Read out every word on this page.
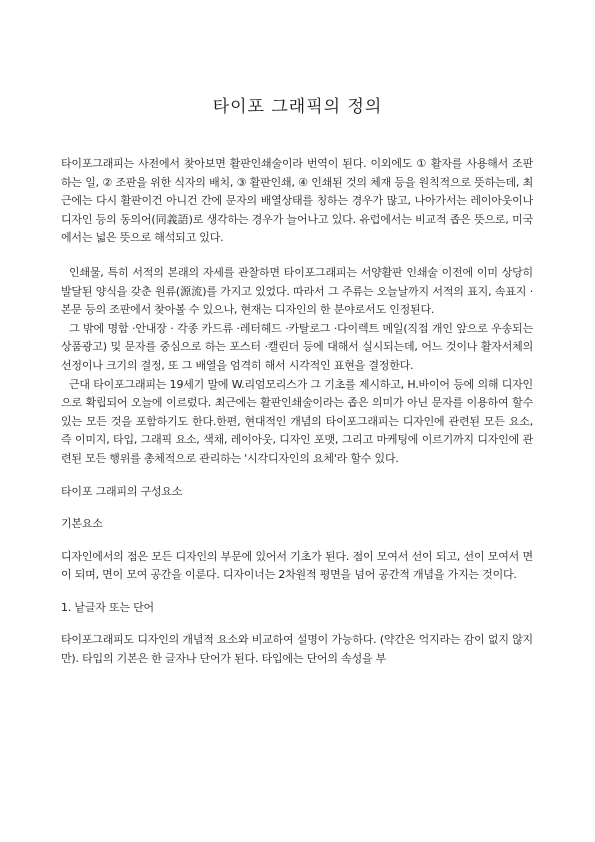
타이포 그래픽의 정의

타이포그래피는 사전에서 찾아보면 활판인쇄술이라 번역이 된다. 이외에도 ① 활자를 사용해서 조판하는 일, ② 조판을 위한 식자의 배치, ③ 활판인쇄, ④ 인쇄된 것의 체재 등을 원칙적으로 뜻하는데, 최근에는 다시 활판이건 아니건 간에 문자의 배열상태를 칭하는 경우가 많고, 나아가서는 레이아웃이나 디자인 등의 동의어(同義語)로 생각하는 경우가 늘어나고 있다. 유럽에서는 비교적 좁은 뜻으로, 미국에서는 넓은 뜻으로 해석되고 있다.

인쇄물, 특히 서적의 본래의 자세를 관찰하면 타이포그래피는 서양활판 인쇄술 이전에 이미 상당히 발달된 양식을 갖춘 원류(源流)를 가지고 있었다. 따라서 그 주류는 오늘날까지 서적의 표지, 속표지 ·본문 등의 조판에서 찾아볼 수 있으나, 현재는 디자인의 한 분야로서도 인정된다.

그 밖에 명함 ·안내장 · 각종 카드류 ·레터헤드 ·카탈로그 ·다이렉트 메일(직접 개인 앞으로 우송되는 상품광고) 및 문자를 중심으로 하는 포스터 ·캘린더 등에 대해서 실시되는데, 어느 것이나 활자서체의 선정이나 크기의 결정, 또 그 배열을 엄격히 해서 시각적인 표현을 결정한다.

근대 타이포그래피는 19세기 말에 W.리엄모리스가 그 기초를 제시하고, H.바이어 등에 의해 디자인으로 확립되어 오늘에 이르렀다. 최근에는 활판인쇄술이라는 좁은 의미가 아닌 문자를 이용하여 할수 있는 모든 것을 포함하기도 한다.한편, 현대적인 개념의 타이포그래피는 디자인에 관련된 모든 요소, 즉 이미지, 타입, 그래픽 요소, 색채, 레이아웃, 디자인 포맷, 그리고 마케팅에 이르기까지 디자인에 관련된 모든 행위를 총체적으로 관리하는 '시각디자인의 요체'라 할수 있다.

타이포 그래피의 구성요소

기본요소

디자인에서의 점은 모든 디자인의 부문에 있어서 기초가 된다. 점이 모여서 선이 되고, 선이 모여서 면이 되며, 면이 모여 공간을 이룬다. 디자이너는 2차원적 평면을 넘어 공간적 개념을 가지는 것이다.

1. 낱글자 또는 단어

타이포그래피도 디자인의 개념적 요소와 비교하여 설명이 가능하다. (약간은 억지라는 감이 없지 않지만). 타입의 기본은 한 글자나 단어가 된다. 타입에는 단어의 속성을 부
